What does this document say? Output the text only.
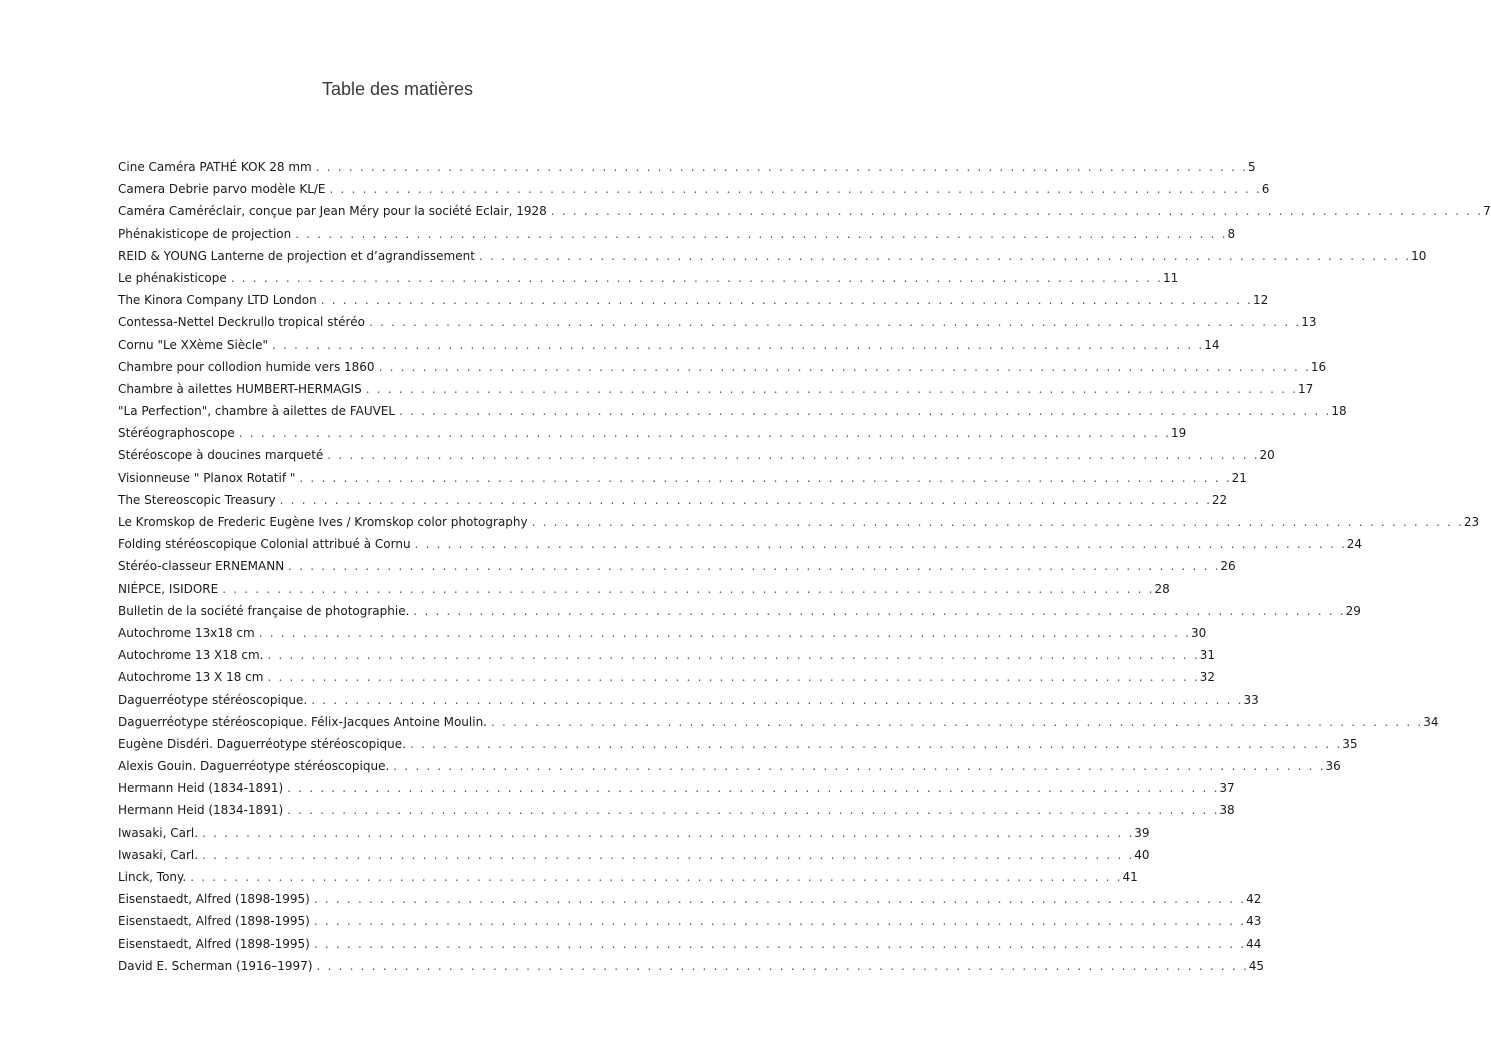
Table des matières
Cine Caméra PATHÉ KOK 28 mm . . .	5
Camera Debrie parvo modèle KL/E . . .	6
Caméra Caméréclair, conçue par Jean Méry pour la société Eclair, 1928 . . .	7
Phénakisticope de projection . . .	8
REID & YOUNG Lanterne de projection et d’agrandissement . . .	10
Le phénakisticope . . .	11
The Kinora Company LTD London . . .	12
Contessa-Nettel Deckrullo tropical stéréo . . .	13
Cornu "Le XXème Siècle" . . .	14
Chambre pour collodion humide vers 1860 . . .	16
Chambre à ailettes HUMBERT-HERMAGIS . . .	17
"La Perfection", chambre à ailettes de FAUVEL . . .	18
Stéréographoscope . . .	19
Stéréoscope à doucines marqueté . . .	20
Visionneuse " Planox Rotatif " . . .	21
The Stereoscopic Treasury . . .	22
Le Kromskop de Frederic Eugène Ives / Kromskop color photography . . .	23
Folding stéréoscopique Colonial attribué à Cornu . . .	24
Stéréo-classeur ERNEMANN . . .	26
NIÉPCE, ISIDORE . . .	28
Bulletin de la société française de photographie. . . .	29
Autochrome 13x18 cm . . .	30
Autochrome 13 X18 cm. . . .	31
Autochrome 13 X 18 cm . . .	32
Daguerréotype stéréoscopique. . . .	33
Daguerréotype stéréoscopique. Félix-Jacques Antoine Moulin. . . .	34
Eugène Disdéri. Daguerréotype stéréoscopique. . . .	35
Alexis Gouin. Daguerréotype stéréoscopique. . . .	36
Hermann Heid (1834-1891) . . .	37
Hermann Heid (1834-1891) . . .	38
Iwasaki, Carl. . . .	39
Iwasaki, Carl. . . .	40
Linck, Tony. . . .	41
Eisenstaedt, Alfred (1898-1995) . . .	42
Eisenstaedt, Alfred (1898-1995) . . .	43
Eisenstaedt, Alfred (1898-1995) . . .	44
David E. Scherman (1916–1997) . . .	45
